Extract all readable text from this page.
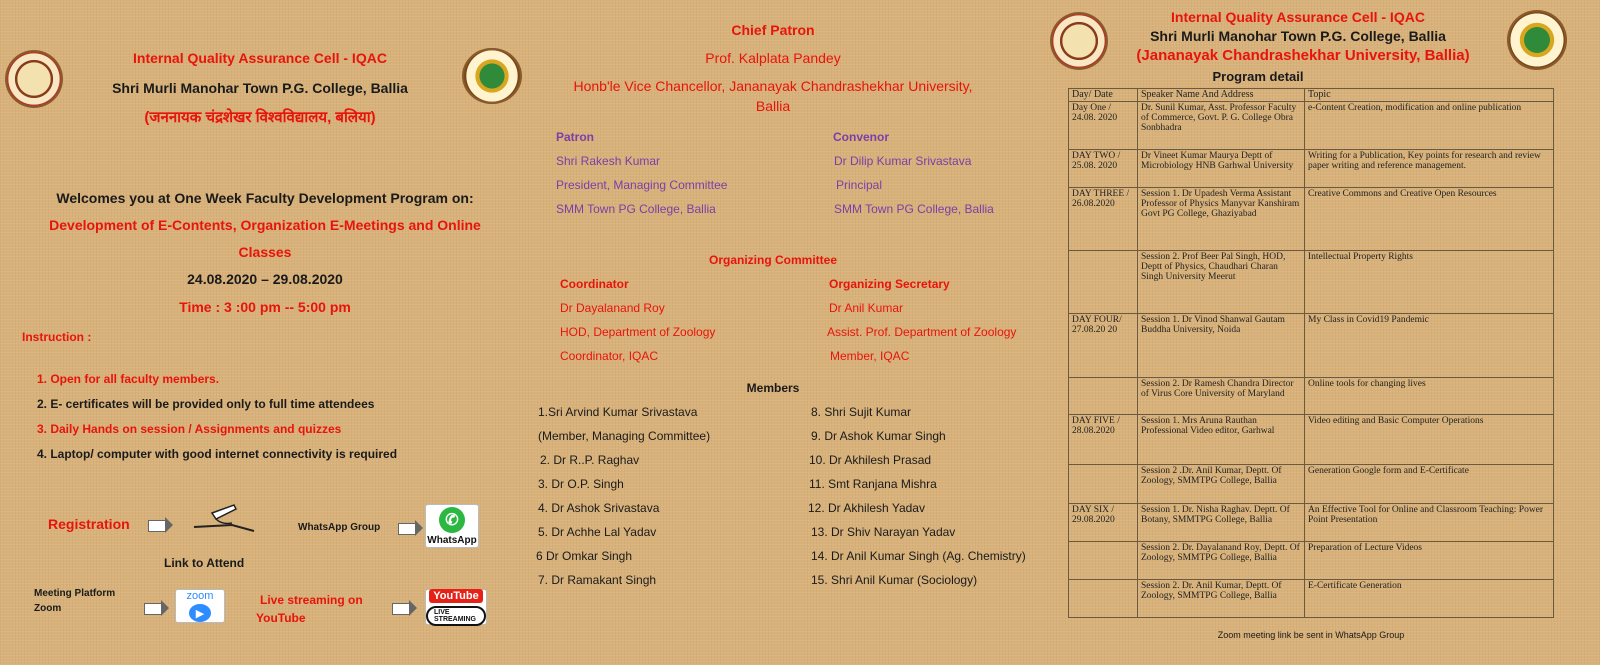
Internal Quality Assurance Cell - IQAC
Shri Murli Manohar Town P.G. College, Ballia
(जननायक चंद्रशेखर विश्वविद्यालय, बलिया)
Welcomes you at One Week Faculty Development Program on:
Development of E-Contents, Organization E-Meetings and Online
Classes
24.08.2020 – 29.08.2020
Time : 3 :00 pm -- 5:00 pm
Instruction :
1. Open for all faculty members.
2. E- certificates will be provided only to full time attendees
3. Daily Hands on session / Assignments and quizzes
4. Laptop/ computer with good internet connectivity is required
Registration	WhatsApp Group	✆
WhatsApp
Link to Attend
Meeting Platform
Zoom
zoom
▶
Live streaming on
YouTube
YouTube
LIVE STREAMING
Chief Patron
Prof. Kalplata Pandey
Honb'le Vice Chancellor, Jananayak Chandrashekhar University,
Ballia
Patron
Shri Rakesh Kumar
President, Managing Committee
SMM Town PG College, Ballia
Convenor
Dr Dilip Kumar Srivastava
Principal
SMM Town PG College, Ballia
Organizing Committee
Coordinator
Dr Dayalanand Roy
HOD, Department of Zoology
Coordinator, IQAC
Organizing Secretary
Dr Anil Kumar
Assist. Prof. Department of Zoology
Member, IQAC
Members
1.Sri Arvind Kumar Srivastava
(Member, Managing Committee)
2. Dr R..P. Raghav
3. Dr O.P. Singh
4. Dr Ashok Srivastava
5. Dr Achhe Lal Yadav
6 Dr Omkar Singh
7. Dr Ramakant Singh
8. Shri Sujit Kumar
9. Dr Ashok Kumar Singh
10. Dr Akhilesh Prasad
11. Smt Ranjana Mishra
12. Dr Akhilesh Yadav
13. Dr Shiv Narayan Yadav
14. Dr Anil Kumar Singh (Ag. Chemistry)
15. Shri Anil Kumar (Sociology)
Internal Quality Assurance Cell - IQAC
Shri Murli Manohar Town P.G. College, Ballia
(Jananayak Chandrashekhar University, Ballia)
Program detail
Day/ Date	Speaker Name And Address	Topic
Day One / 24.08. 2020	Dr. Sunil Kumar, Asst. Professor Faculty of Commerce, Govt. P. G. College Obra Sonbhadra	e-Content Creation, modification and online publication
DAY TWO / 25.08. 2020	Dr Vineet Kumar Maurya Deptt of Microbiology HNB Garhwal University	Writing for a Publication, Key points for research and review paper writing and reference management.
DAY THREE / 26.08.2020	Session 1. Dr Upadesh Verma Assistant Professor of Physics Manyvar Kanshiram Govt PG College, Ghaziyabad	Creative Commons and Creative Open Resources
	Session 2. Prof Beer Pal Singh, HOD, Deptt of Physics, Chaudhari Charan Singh University Meerut	Intellectual Property Rights
DAY FOUR/ 27.08.20 20	Session 1. Dr Vinod Shanwal Gautam Buddha University, Noida	My Class in Covid19 Pandemic
	Session 2. Dr Ramesh Chandra Director of Virus Core University of Maryland	Online tools for changing lives
DAY FIVE / 28.08.2020	Session 1. Mrs Aruna Rauthan Professional Video editor, Garhwal	Video editing and Basic Computer Operations
	Session 2 .Dr. Anil Kumar, Deptt. Of Zoology, SMMTPG College, Ballia	Generation Google form and E-Certificate
DAY SIX / 29.08.2020	Session 1. Dr. Nisha Raghav. Deptt. Of Botany, SMMTPG College, Ballia	An Effective Tool for Online and Classroom Teaching: Power Point Presentation
	Session 2. Dr. Dayalanand Roy, Deptt. Of Zoology, SMMTPG College, Ballia	Preparation of Lecture Videos
	Session 2. Dr. Anil Kumar, Deptt. Of Zoology, SMMTPG College, Ballia	E-Certificate Generation
Zoom meeting link be sent in WhatsApp Group
